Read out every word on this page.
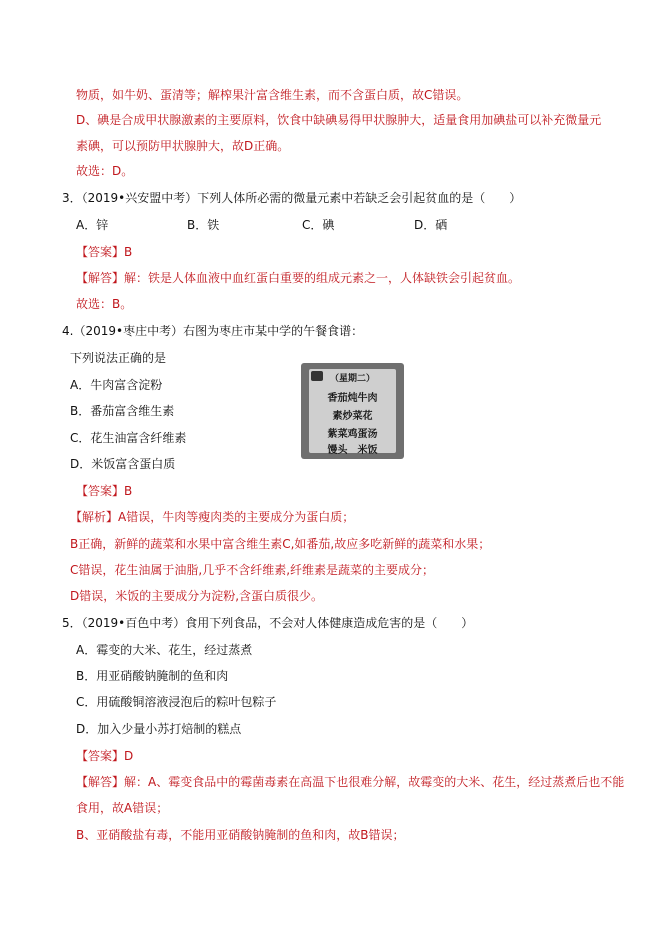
物质，如牛奶、蛋清等；解榨果汁富含维生素，而不含蛋白质，故C错误。
D、碘是合成甲状腺激素的主要原料，饮食中缺碘易得甲状腺肿大，适量食用加碘盐可以补充微量元
素碘，可以预防甲状腺肿大，故D正确。
故选：D。
3．（2019•兴安盟中考）下列人体所必需的微量元素中若缺乏会引起贫血的是（　　）
A．锌	B．铁	C．碘	D．硒
【答案】B
【解答】解：铁是人体血液中血红蛋白重要的组成元素之一，人体缺铁会引起贫血。
故选：B。
4.（2019•枣庄中考）右图为枣庄市某中学的午餐食谱：
下列说法正确的是
A．牛肉富含淀粉
B．番茄富含维生素
C．花生油富含纤维素
D．米饭富含蛋白质
（星期二）
香茄炖牛肉
素炒菜花
紫菜鸡蛋汤
馒头　米饭
【答案】B
【解析】A错误，牛肉等瘦肉类的主要成分为蛋白质；
B正确，新鲜的蔬菜和水果中富含维生素C,如番茄,故应多吃新鲜的蔬菜和水果；
C错误，花生油属于油脂,几乎不含纤维素,纤维素是蔬菜的主要成分；
D错误，米饭的主要成分为淀粉,含蛋白质很少。
5．（2019•百色中考）食用下列食品，不会对人体健康造成危害的是（　　）
A．霉变的大米、花生，经过蒸煮
B．用亚硝酸钠腌制的鱼和肉
C．用硫酸铜溶液浸泡后的粽叶包粽子
D．加入少量小苏打焙制的糕点
【答案】D
【解答】解：A、霉变食品中的霉菌毒素在高温下也很难分解，故霉变的大米、花生，经过蒸煮后也不能
食用，故A错误；
B、亚硝酸盐有毒，不能用亚硝酸钠腌制的鱼和肉，故B错误；
